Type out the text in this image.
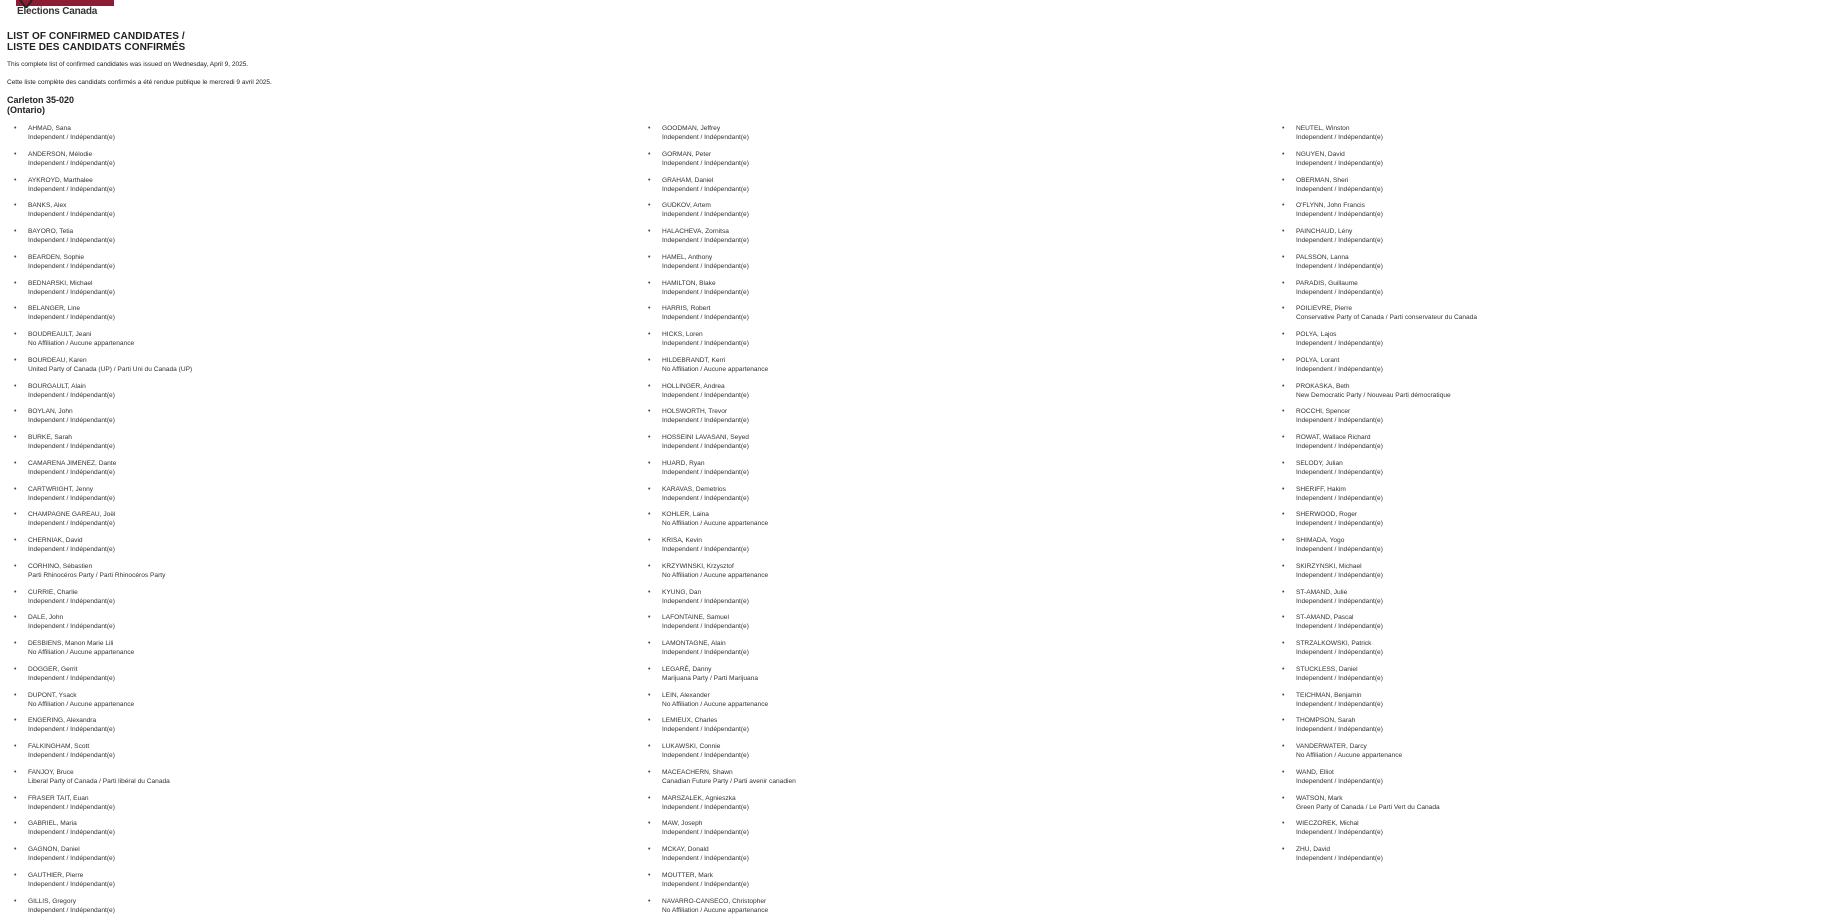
Elections Canada
LIST OF CONFIRMED CANDIDATES /
LISTE DES CANDIDATS CONFIRMÉS
This complete list of confirmed candidates was issued on Wednesday, April 9, 2025.
Cette liste complète des candidats confirmés a été rendue publique le mercredi 9 avril 2025.
Carleton 35-020
(Ontario)
• AHMAD, Sana
Independent / Indépendant(e)
• ANDERSON, Mélodie
Independent / Indépendant(e)
• AYKROYD, Marthalee
Independent / Indépendant(e)
• BANKS, Alex
Independent / Indépendant(e)
• BAYORO, Tetia
Independent / Indépendant(e)
• BEARDEN, Sophie
Independent / Indépendant(e)
• BEDNARSKI, Michael
Independent / Indépendant(e)
• BELANGER, Line
Independent / Indépendant(e)
• BOUDREAULT, Jeani
No Affiliation / Aucune appartenance
• BOURDEAU, Karen
United Party of Canada (UP) / Parti Uni du Canada (UP)
• BOURGAULT, Alain
Independent / Indépendant(e)
• BOYLAN, John
Independent / Indépendant(e)
• BURKE, Sarah
Independent / Indépendant(e)
• CAMARENA JIMENEZ, Dante
Independent / Indépendant(e)
• CARTWRIGHT, Jenny
Independent / Indépendant(e)
• CHAMPAGNE GAREAU, Joël
Independent / Indépendant(e)
• CHERNIAK, David
Independent / Indépendant(e)
• CORHINO, Sébastien
Parti Rhinocéros Party / Parti Rhinocéros Party
• CURRIE, Charlie
Independent / Indépendant(e)
• DALE, John
Independent / Indépendant(e)
• DESBIENS, Manon Marie Lili
No Affiliation / Aucune appartenance
• DOGGER, Gerrit
Independent / Indépendant(e)
• DUPONT, Ysack
No Affiliation / Aucune appartenance
• ENGERING, Alexandra
Independent / Indépendant(e)
• FALKINGHAM, Scott
Independent / Indépendant(e)
• FANJOY, Bruce
Liberal Party of Canada / Parti libéral du Canada
• FRASER TAIT, Euan
Independent / Indépendant(e)
• GABRIEL, Maria
Independent / Indépendant(e)
• GAGNON, Daniel
Independent / Indépendant(e)
• GAUTHIER, Pierre
Independent / Indépendant(e)
• GILLIS, Gregory
Independent / Indépendant(e)
• GOODMAN, Jeffrey
Independent / Indépendant(e)
• GORMAN, Peter
Independent / Indépendant(e)
• GRAHAM, Daniel
Independent / Indépendant(e)
• GUDKOV, Artem
Independent / Indépendant(e)
• HALACHEVA, Zornitsa
Independent / Indépendant(e)
• HAMEL, Anthony
Independent / Indépendant(e)
• HAMILTON, Blake
Independent / Indépendant(e)
• HARRIS, Robert
Independent / Indépendant(e)
• HICKS, Loren
Independent / Indépendant(e)
• HILDEBRANDT, Kerri
No Affiliation / Aucune appartenance
• HOLLINGER, Andrea
Independent / Indépendant(e)
• HOLSWORTH, Trevor
Independent / Indépendant(e)
• HOSSEINI LAVASANI, Seyed
Independent / Indépendant(e)
• HUARD, Ryan
Independent / Indépendant(e)
• KARAVAS, Demetrios
Independent / Indépendant(e)
• KOHLER, Laina
No Affiliation / Aucune appartenance
• KRISA, Kevin
Independent / Indépendant(e)
• KRZYWINSKI, Krzysztof
No Affiliation / Aucune appartenance
• KYUNG, Dan
Independent / Indépendant(e)
• LAFONTAINE, Samuel
Independent / Indépendant(e)
• LAMONTAGNE, Alain
Independent / Indépendant(e)
• LEGARÉ, Danny
Marijuana Party / Parti Marijuana
• LEIN, Alexander
No Affiliation / Aucune appartenance
• LEMIEUX, Charles
Independent / Indépendant(e)
• LUKAWSKI, Connie
Independent / Indépendant(e)
• MACEACHERN, Shawn
Canadian Future Party / Parti avenir canadien
• MARSZALEK, Agnieszka
Independent / Indépendant(e)
• MAW, Joseph
Independent / Indépendant(e)
• MCKAY, Donald
Independent / Indépendant(e)
• MOUTTER, Mark
Independent / Indépendant(e)
• NAVARRO-CANSECO, Christopher
No Affiliation / Aucune appartenance
• NEUTEL, Winston
Independent / Indépendant(e)
• NGUYEN, David
Independent / Indépendant(e)
• OBERMAN, Sheri
Independent / Indépendant(e)
• O'FLYNN, John Francis
Independent / Indépendant(e)
• PAINCHAUD, Lény
Independent / Indépendant(e)
• PALSSON, Lanna
Independent / Indépendant(e)
• PARADIS, Guillaume
Independent / Indépendant(e)
• POILIEVRE, Pierre
Conservative Party of Canada / Parti conservateur du Canada
• POLYA, Lajos
Independent / Indépendant(e)
• POLYA, Lorant
Independent / Indépendant(e)
• PROKASKA, Beth
New Democratic Party / Nouveau Parti démocratique
• ROCCHI, Spencer
Independent / Indépendant(e)
• ROWAT, Wallace Richard
Independent / Indépendant(e)
• SELODY, Julian
Independent / Indépendant(e)
• SHERIFF, Hakim
Independent / Indépendant(e)
• SHERWOOD, Roger
Independent / Indépendant(e)
• SHIMADA, Yogo
Independent / Indépendant(e)
• SKIRZYNSKI, Michael
Independent / Indépendant(e)
• ST-AMAND, Julie
Independent / Indépendant(e)
• ST-AMAND, Pascal
Independent / Indépendant(e)
• STRZALKOWSKI, Patrick
Independent / Indépendant(e)
• STUCKLESS, Daniel
Independent / Indépendant(e)
• TEICHMAN, Benjamin
Independent / Indépendant(e)
• THOMPSON, Sarah
Independent / Indépendant(e)
• VANDERWATER, Darcy
No Affiliation / Aucune appartenance
• WAND, Elliot
Independent / Indépendant(e)
• WATSON, Mark
Green Party of Canada / Le Parti Vert du Canada
• WIECZOREK, Michal
Independent / Indépendant(e)
• ZHU, David
Independent / Indépendant(e)
